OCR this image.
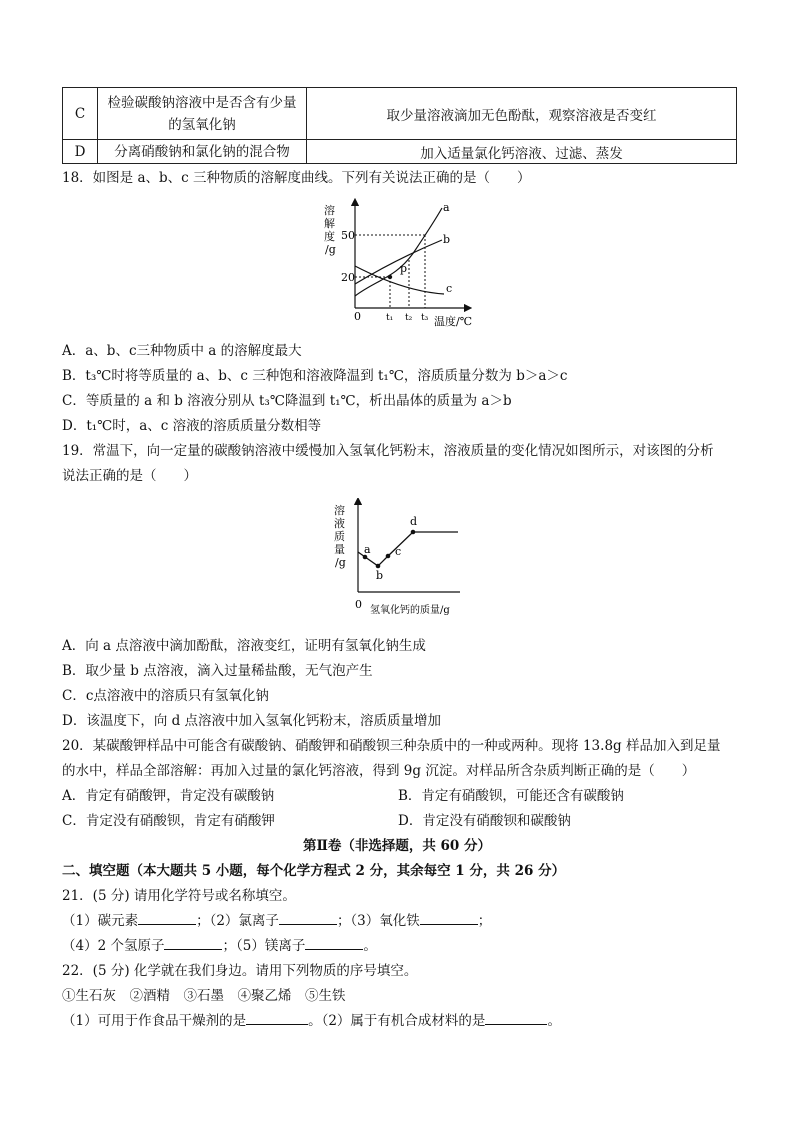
C	检验碳酸钠溶液中是否含有少量的氢氧化钠	取少量溶液滴加无色酚酞，观察溶液是否变红
D	分离硝酸钠和氯化钠的混合物	加入适量氯化钙溶液、过滤、蒸发
18．如图是 a、b、c 三种物质的溶解度曲线。下列有关说法正确的是（　　）
溶
解
度
/g
50
20
0
a
b
c
p
t₁ t₂ t₃ 温度/℃
A．a、b、c三种物质中 a 的溶解度最大
B．t₃℃时将等质量的 a、b、c 三种饱和溶液降温到 t₁℃，溶质质量分数为 b＞a＞c
C．等质量的 a 和 b 溶液分别从 t₃℃降温到 t₁℃，析出晶体的质量为 a＞b
D．t₁℃时，a、c 溶液的溶质质量分数相等
19．常温下，向一定量的碳酸钠溶液中缓慢加入氢氧化钙粉末，溶液质量的变化情况如图所示，对该图的分析
说法正确的是（　　）
溶
液
质
量
/g
a
b
c
d
0 氢氧化钙的质量/g
A．向 a 点溶液中滴加酚酞，溶液变红，证明有氢氧化钠生成
B．取少量 b 点溶液，滴入过量稀盐酸，无气泡产生
C．c点溶液中的溶质只有氢氧化钠
D．该温度下，向 d 点溶液中加入氢氧化钙粉末，溶质质量增加
20．某碳酸钾样品中可能含有碳酸钠、硝酸钾和硝酸钡三种杂质中的一种或两种。现将 13.8g 样品加入到足量
的水中，样品全部溶解：再加入过量的氯化钙溶液，得到 9g 沉淀。对样品所含杂质判断正确的是（　　）
A．肯定有硝酸钾，肯定没有碳酸钠	B．肯定有硝酸钡，可能还含有碳酸钠
C．肯定没有硝酸钡，肯定有硝酸钾	D．肯定没有硝酸钡和碳酸钠
第Ⅱ卷（非选择题，共 60 分）
二、填空题（本大题共 5 小题，每个化学方程式 2 分，其余每空 1 分，共 26 分）
21．(5 分) 请用化学符号或名称填空。
（1）碳元素	；（2）氯离子	；（3）氧化铁	；
（4）2 个氢原子	；（5）镁离子	。
22．(5 分) 化学就在我们身边。请用下列物质的序号填空。
①生石灰　②酒精　③石墨　④聚乙烯　⑤生铁
（1）可用于作食品干燥剂的是	。（2）属于有机合成材料的是	。
